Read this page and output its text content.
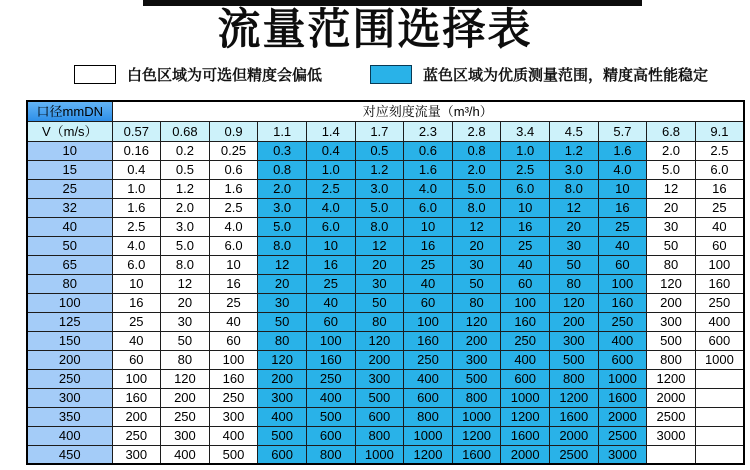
流量范围选择表
白色区域为可选但精度会偏低	蓝色区域为优质测量范围，精度高性能稳定
口径mmDN	对应刻度流量（m³/h）												
V（m/s）	0.57	0.68	0.9	1.1	1.4	1.7	2.3	2.8	3.4	4.5	5.7	6.8	9.1
10	0.16	0.2	0.25	0.3	0.4	0.5	0.6	0.8	1.0	1.2	1.6	2.0	2.5
15	0.4	0.5	0.6	0.8	1.0	1.2	1.6	2.0	2.5	3.0	4.0	5.0	6.0
25	1.0	1.2	1.6	2.0	2.5	3.0	4.0	5.0	6.0	8.0	10	12	16
32	1.6	2.0	2.5	3.0	4.0	5.0	6.0	8.0	10	12	16	20	25
40	2.5	3.0	4.0	5.0	6.0	8.0	10	12	16	20	25	30	40
50	4.0	5.0	6.0	8.0	10	12	16	20	25	30	40	50	60
65	6.0	8.0	10	12	16	20	25	30	40	50	60	80	100
80	10	12	16	20	25	30	40	50	60	80	100	120	160
100	16	20	25	30	40	50	60	80	100	120	160	200	250
125	25	30	40	50	60	80	100	120	160	200	250	300	400
150	40	50	60	80	100	120	160	200	250	300	400	500	600
200	60	80	100	120	160	200	250	300	400	500	600	800	1000
250	100	120	160	200	250	300	400	500	600	800	1000	1200	
300	160	200	250	300	400	500	600	800	1000	1200	1600	2000	
350	200	250	300	400	500	600	800	1000	1200	1600	2000	2500	
400	250	300	400	500	600	800	1000	1200	1600	2000	2500	3000	
450	300	400	500	600	800	1000	1200	1600	2000	2500	3000		
